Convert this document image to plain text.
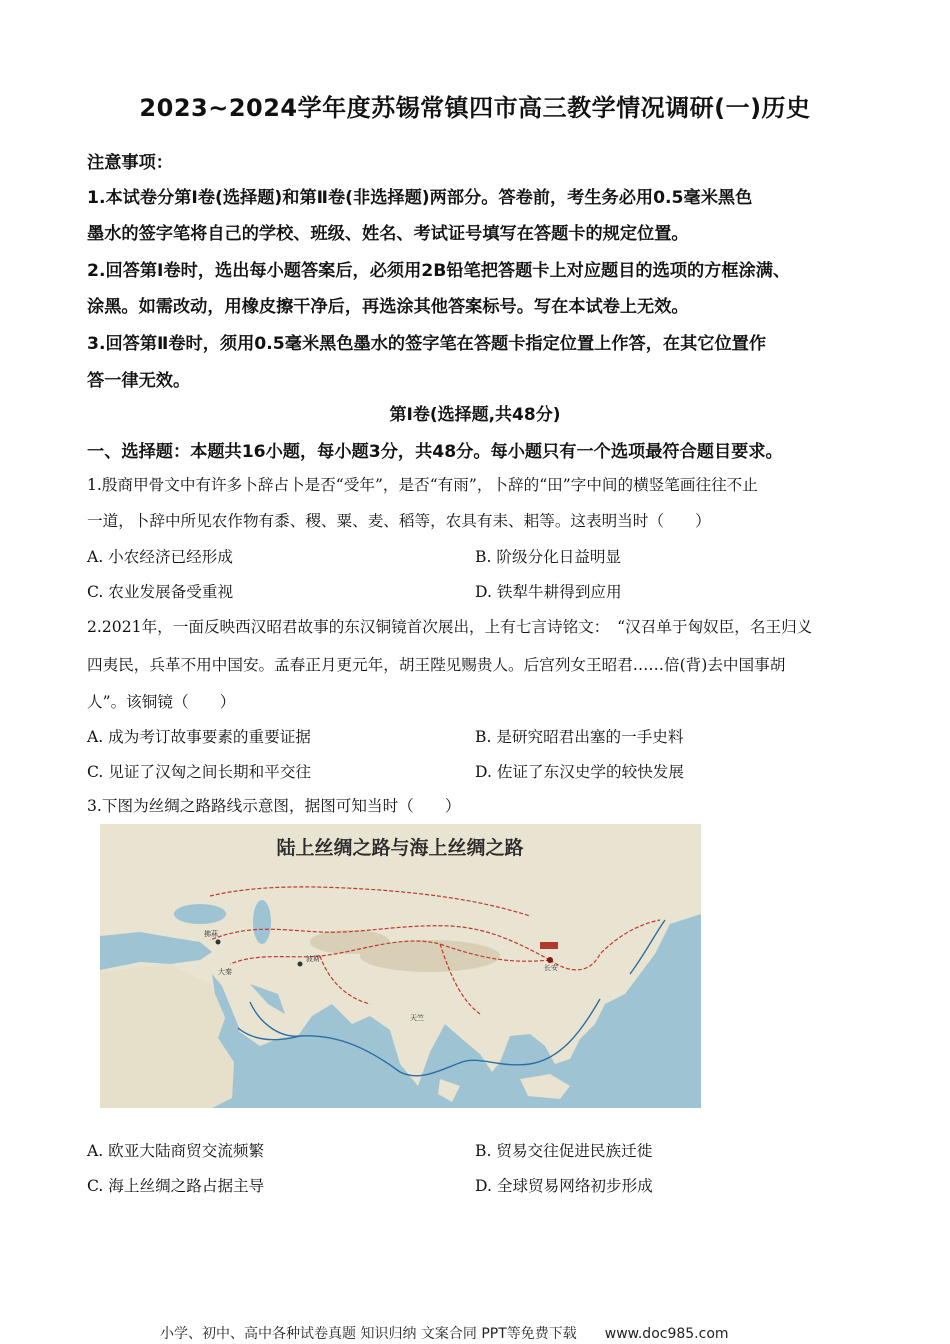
2023~2024学年度苏锡常镇四市高三教学情况调研(一)历史
注意事项：
1.本试卷分第Ⅰ卷(选择题)和第Ⅱ卷(非选择题)两部分。答卷前，考生务必用0.5毫米黑色
墨水的签字笔将自己的学校、班级、姓名、考试证号填写在答题卡的规定位置。
2.回答第Ⅰ卷时，选出每小题答案后，必须用2B铅笔把答题卡上对应题目的选项的方框涂满、
涂黑。如需改动，用橡皮擦干净后，再选涂其他答案标号。写在本试卷上无效。
3.回答第Ⅱ卷时，须用0.5毫米黑色墨水的签字笔在答题卡指定位置上作答，在其它位置作
答一律无效。
第Ⅰ卷(选择题,共48分)
一、选择题：本题共16小题，每小题3分，共48分。每小题只有一个选项最符合题目要求。
1.殷商甲骨文中有许多卜辞占卜是否“受年”，是否“有雨”，卜辞的“田”字中间的横竖笔画往往不止
一道，卜辞中所见农作物有黍、稷、粟、麦、稻等，农具有耒、耜等。这表明当时（　　）
A. 小农经济已经形成	B. 阶级分化日益明显
C. 农业发展备受重视	D. 铁犁牛耕得到应用
2.2021年，一面反映西汉昭君故事的东汉铜镜首次展出，上有七言诗铭文：　“汉召单于匈奴臣，名王归义
四夷民，兵革不用中国安。孟春正月更元年，胡王陛见赐贵人。后宫列女王昭君……倍(背)去中国事胡
人”。该铜镜（　　）
A. 成为考订故事要素的重要证据	B. 是研究昭君出塞的一手史料
C. 见证了汉匈之间长期和平交往	D. 佐证了东汉史学的较快发展
3.下图为丝绸之路路线示意图，据图可知当时（　　）
陆上丝绸之路与海上丝绸之路
长安
波斯
天竺
大秦
拂菻
A. 欧亚大陆商贸交流频繁	B. 贸易交往促进民族迁徙
C. 海上丝绸之路占据主导	D. 全球贸易网络初步形成
小学、初中、高中各种试卷真题 知识归纳 文案合同 PPT等免费下载　　www.doc985.com
